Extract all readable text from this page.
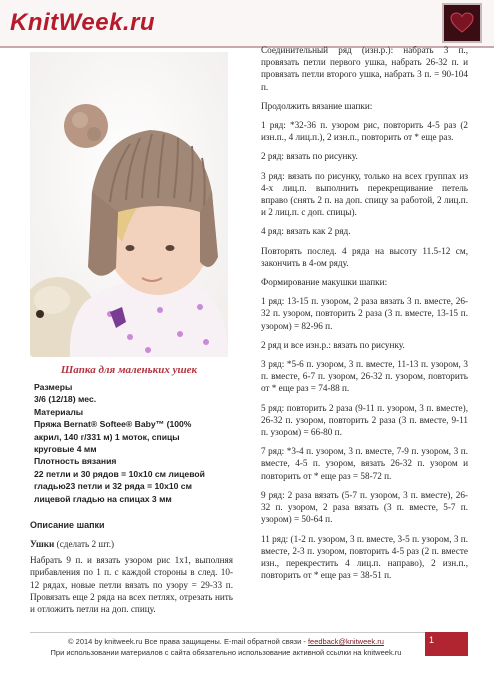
KnitWeek.ru
Шапка для маленьких ушек
Размеры
3/6 (12/18) мес.
Материалы
Пряжа Bernat® Softee® Baby™ (100%
акрил, 140 г/331 м) 1 моток, спицы
круговые 4 мм
Плотность вязания
22 петли и 30 рядов = 10х10 см лицевой
гладью23 петли и 32 ряда = 10х10 см
лицевой гладью на спицах 3 мм
Описание шапки
Ушки (сделать 2 шт.)
Набрать 9 п. и вязать узором рис 1х1, выполняя прибавления по 1 п. с каждой стороны в след. 10-12 рядах, новые петли вязать по узору = 29-33 п. Провязать еще 2 ряда на всех петлях, отрезать нить и отложить петли на доп. спицу.

Соединительный ряд (изн.р.): набрать 3 п., провязать петли первого ушка, набрать 26-32 п. и провязать петли второго ушка, набрать 3 п. = 90-104 п.

Продолжить вязание шапки:

1 ряд: *32-36 п. узором рис, повторить 4-5 раз (2 изн.п., 4 лиц.п.), 2 изн.п., повторить от * еще раз.

2 ряд: вязать по рисунку.

3 ряд: вязать по рисунку, только на всех группах из 4-х лиц.п. выполнить перекрещивание петель вправо (снять 2 п. на доп. спицу за работой, 2 лиц.п. и 2 лиц.п. с доп. спицы).

4 ряд: вязать как 2 ряд.

Повторять послед. 4 ряда на высоту 11.5-12 см, закончить в 4-ом ряду.

Формирование макушки шапки:

1 ряд: 13-15 п. узором, 2 раза вязать 3 п. вместе, 26-32 п. узором, повторить 2 раза (3 п. вместе, 13-15 п. узором) = 82-96 п.

2 ряд и все изн.р.: вязать по рисунку.

3 ряд: *5-6 п. узором, 3 п. вместе, 11-13 п. узором, 3 п. вместе, 6-7 п. узором, 26-32 п. узором, повторить от * еще раз = 74-88 п.

5 ряд: повторить 2 раза (9-11 п. узором, 3 п. вместе), 26-32 п. узором, повторить 2 раза (3 п. вместе, 9-11 п. узором) = 66-80 п.

7 ряд: *3-4 п. узором, 3 п. вместе, 7-9 п. узором, 3 п. вместе, 4-5 п. узором, вязать 26-32 п. узором и повторить от * еще раз = 58-72 п.

9 ряд: 2 раза вязать (5-7 п. узором, 3 п. вместе), 26-32 п. узором, 2 раза вязать (3 п. вместе, 5-7 п. узором) = 50-64 п.

11 ряд: (1-2 п. узором, 3 п. вместе, 3-5 п. узором, 3 п. вместе, 2-3 п. узором, повторить 4-5 раз (2 п. вместе изн., перекрестить 4 лиц.п. направо), 2 изн.п., повторить от * еще раз = 38-51 п.

© 2014 by knitweek.ru Все права защищены. E-mail обратной связи - feedback@knitweek.ru
При использовании материалов с сайта обязательно использование активной ссылки на knitweek.ru
1
